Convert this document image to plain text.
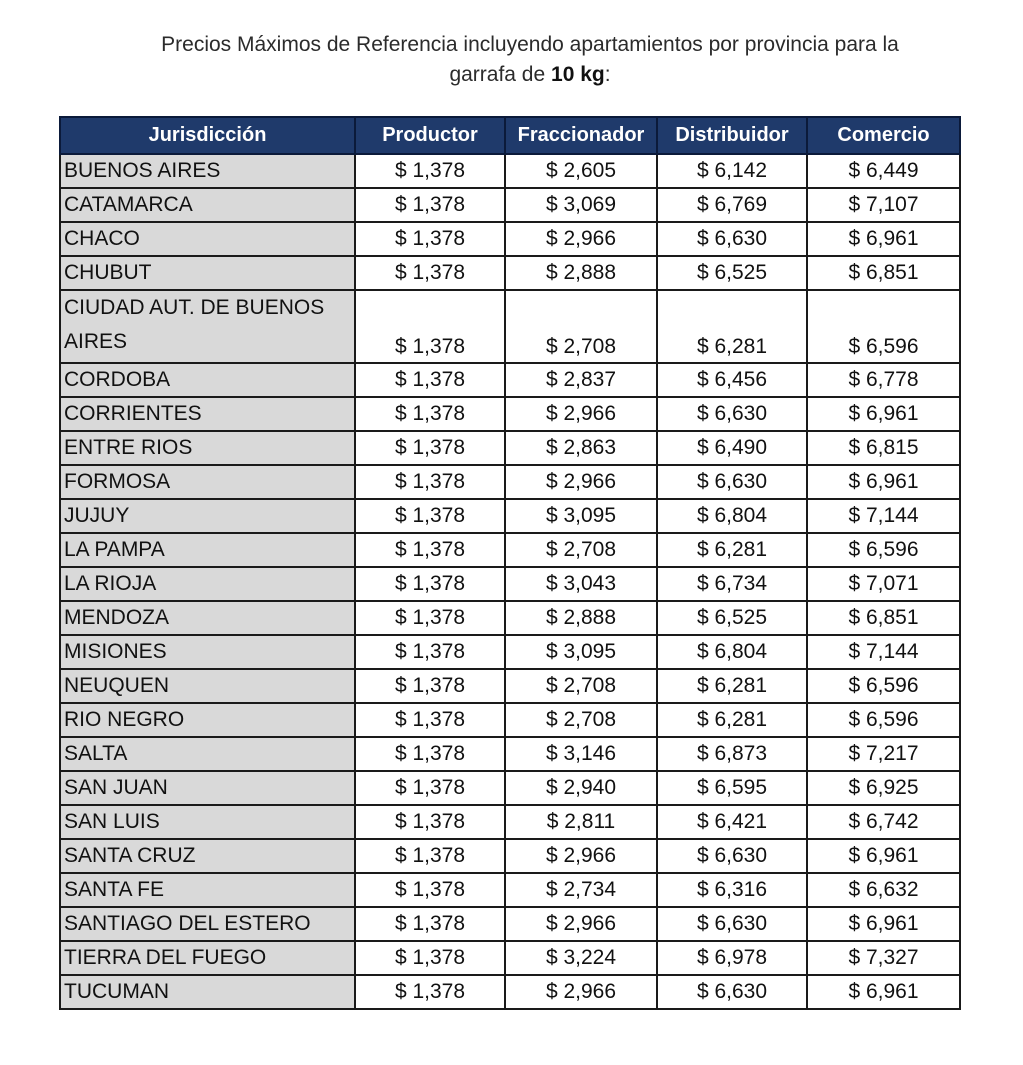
Precios Máximos de Referencia incluyendo apartamientos por provincia para la
garrafa de 10 kg:
Jurisdicción	Productor	Fraccionador	Distribuidor	Comercio
BUENOS AIRES	$ 1,378	$ 2,605	$ 6,142	$ 6,449
CATAMARCA	$ 1,378	$ 3,069	$ 6,769	$ 7,107
CHACO	$ 1,378	$ 2,966	$ 6,630	$ 6,961
CHUBUT	$ 1,378	$ 2,888	$ 6,525	$ 6,851
CIUDAD AUT. DE BUENOS AIRES	$ 1,378	$ 2,708	$ 6,281	$ 6,596
CORDOBA	$ 1,378	$ 2,837	$ 6,456	$ 6,778
CORRIENTES	$ 1,378	$ 2,966	$ 6,630	$ 6,961
ENTRE RIOS	$ 1,378	$ 2,863	$ 6,490	$ 6,815
FORMOSA	$ 1,378	$ 2,966	$ 6,630	$ 6,961
JUJUY	$ 1,378	$ 3,095	$ 6,804	$ 7,144
LA PAMPA	$ 1,378	$ 2,708	$ 6,281	$ 6,596
LA RIOJA	$ 1,378	$ 3,043	$ 6,734	$ 7,071
MENDOZA	$ 1,378	$ 2,888	$ 6,525	$ 6,851
MISIONES	$ 1,378	$ 3,095	$ 6,804	$ 7,144
NEUQUEN	$ 1,378	$ 2,708	$ 6,281	$ 6,596
RIO NEGRO	$ 1,378	$ 2,708	$ 6,281	$ 6,596
SALTA	$ 1,378	$ 3,146	$ 6,873	$ 7,217
SAN JUAN	$ 1,378	$ 2,940	$ 6,595	$ 6,925
SAN LUIS	$ 1,378	$ 2,811	$ 6,421	$ 6,742
SANTA CRUZ	$ 1,378	$ 2,966	$ 6,630	$ 6,961
SANTA FE	$ 1,378	$ 2,734	$ 6,316	$ 6,632
SANTIAGO DEL ESTERO	$ 1,378	$ 2,966	$ 6,630	$ 6,961
TIERRA DEL FUEGO	$ 1,378	$ 3,224	$ 6,978	$ 7,327
TUCUMAN	$ 1,378	$ 2,966	$ 6,630	$ 6,961
